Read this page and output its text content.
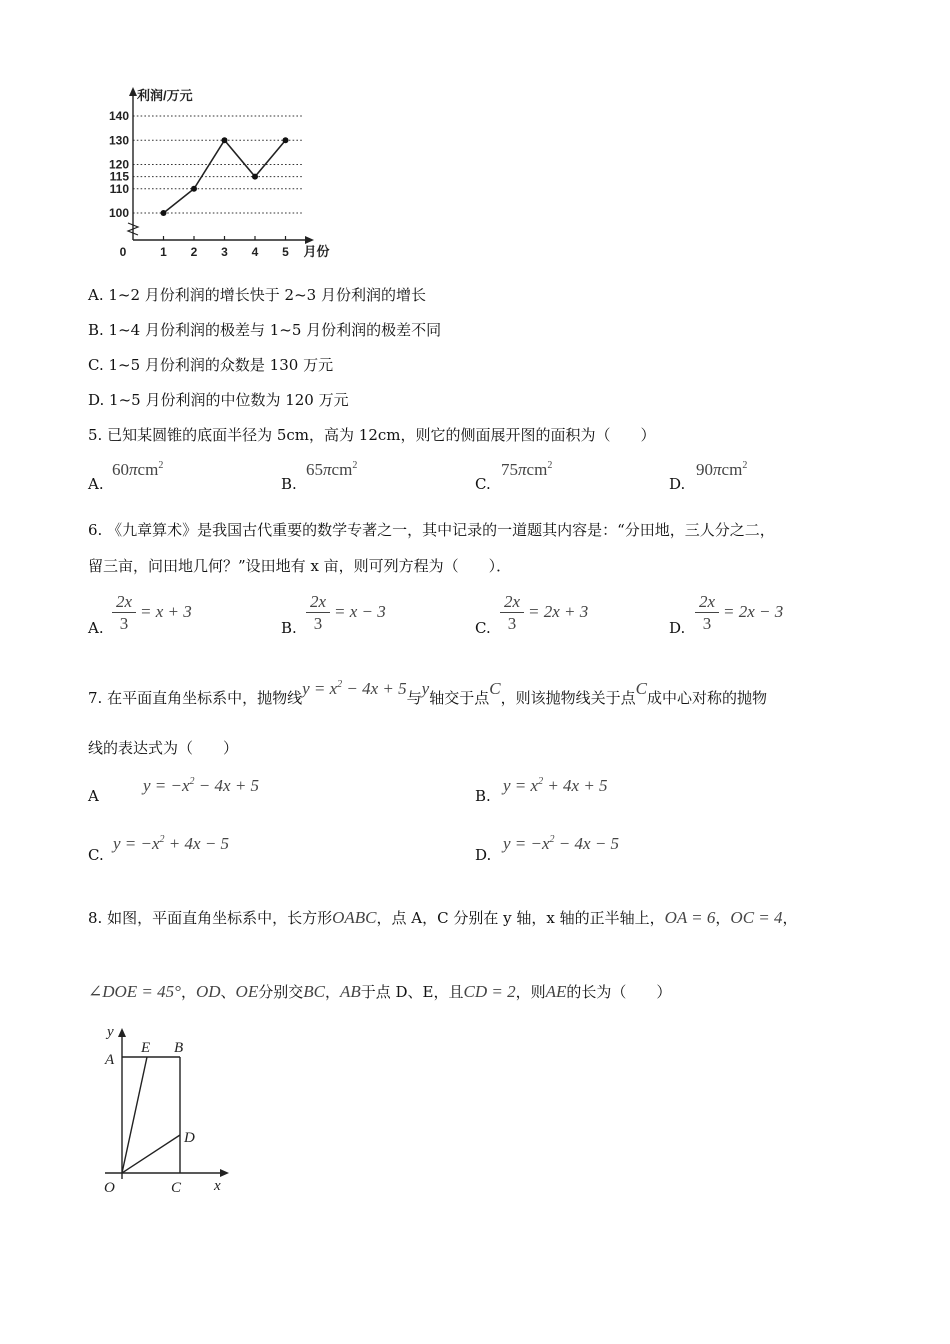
100
110
115
120
130
140
0	1 2 3 4 5
利润/万元
月份
A. 1~2 月份利润的增长快于 2~3 月份利润的增长
B. 1~4 月份利润的极差与 1~5 月份利润的极差不同
C. 1~5 月份利润的众数是 130 万元
D. 1~5 月份利润的中位数为 120 万元
5. 已知某圆锥的底面半径为 5cm，高为 12cm，则它的侧面展开图的面积为（　　）
A.
60πcm$^2$
B.
65πcm$^2$
C.
75πcm$^2$
D.
90πcm$^2$
6. 《九章算术》是我国古代重要的数学专著之一，其中记录的一道题其内容是：“分田地，三人分之二，
留三亩，问田地几何？”设田地有 x 亩，则可列方程为（　　）．
A.
2x
3
= x + 3
B.
2x
3
= x − 3
C.
2x
3
= 2x + 3
D.
2x
3
= 2x − 3
7. 在平面直角坐标系中，抛物线$y = x^2 - 4x + 5$与y轴交于点C，则该抛物线关于点C成中心对称的抛物
线的表达式为（　　）
A
$y = -x^2 - 4x + 5$
B.
$y = x^2 + 4x + 5$
C.
$y = -x^2 + 4x - 5$
D.
$y = -x^2 - 4x - 5$
8. 如图，平面直角坐标系中，长方形OABC，点 A，C 分别在 y 轴，x 轴的正半轴上，OA = 6，OC = 4，
∠DOE = 45°，OD、OE分别交BC，AB于点 D、E，且CD = 2，则AE的长为（　　）
y
A
E B
D
O	C x
